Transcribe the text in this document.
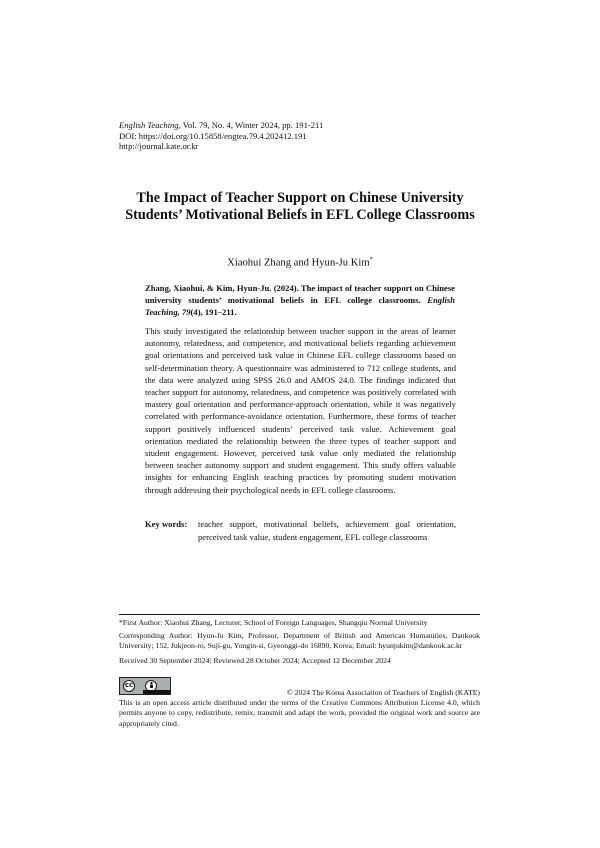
English Teaching, Vol. 79, No. 4, Winter 2024, pp. 191-211
DOI: https://doi.org/10.15858/engtea.79.4.202412.191
http://journal.kate.or.kr
The Impact of Teacher Support on Chinese University
Students’ Motivational Beliefs in EFL College Classrooms
Xiaohui Zhang and Hyun-Ju Kim*
Zhang, Xiaohui, & Kim, Hyun-Ju. (2024). The impact of teacher support on Chinese university students’ motivational beliefs in EFL college classrooms. English Teaching, 79(4), 191–211.
This study investigated the relationship between teacher support in the areas of learner autonomy, relatedness, and competence, and motivational beliefs regarding achievement goal orientations and perceived task value in Chinese EFL college classrooms based on self-determination theory. A questionnaire was administered to 712 college students, and the data were analyzed using SPSS 26.0 and AMOS 24.0. The findings indicated that teacher support for autonomy, relatedness, and competence was positively correlated with mastery goal orientation and performance-approach orientation, while it was negatively correlated with performance-avoidance orientation. Furthermore, these forms of teacher support positively influenced students’ perceived task value. Achievement goal orientation mediated the relationship between the three types of teacher support and student engagement. However, perceived task value only mediated the relationship between teacher autonomy support and student engagement. This study offers valuable insights for enhancing English teaching practices by promoting student motivation through addressing their psychological needs in EFL college classrooms.
Key words: teacher support, motivational beliefs, achievement goal orientation, perceived task value, student engagement, EFL college classrooms
*First Author: Xiaohui Zhang, Lecturer, School of Foreign Languages, Shangqiu Normal University
Corresponding Author: Hyun-Ju Kim, Professor, Department of British and American Humanities, Dankook University; 152, Jukjeon-ro, Suji-gu, Yongin-si, Gyeonggi-do 16890, Korea; Email: hyunjukim@dankook.ac.kr
Received 30 September 2024; Reviewed 28 October 2024; Accepted 12 December 2024
cc
© 2024 The Korea Association of Teachers of English (KATE)
This is an open access article distributed under the terms of the Creative Commons Attribution License 4.0, which permits anyone to copy, redistribute, remix, transmit and adapt the work, provided the original work and source are appropriately cited.
